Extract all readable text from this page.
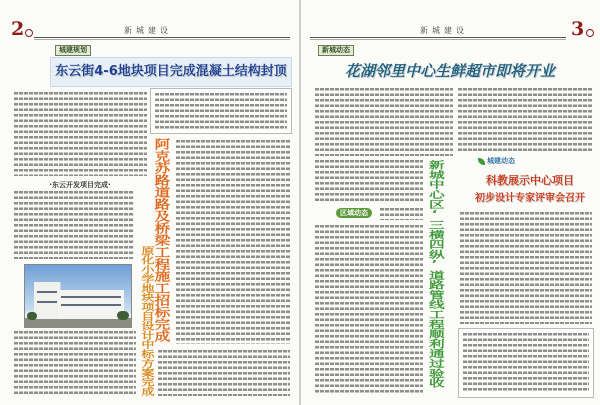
2	新城建设
城建规划
东云街4-6地块项目完成混凝土结构封顶
·东云开发项目完成·	阿克苏路道路及桥梁工程施工招标完成
原化小学地块项目设计中标方案完成
新城建设	3
新城动态
花湖邻里中心生鲜超市即将开业
城建动态
科教展示中心项目
初步设计专家评审会召开
区域动态	新城中心区‘三横四纵’道路管线工程顺利通过验收
